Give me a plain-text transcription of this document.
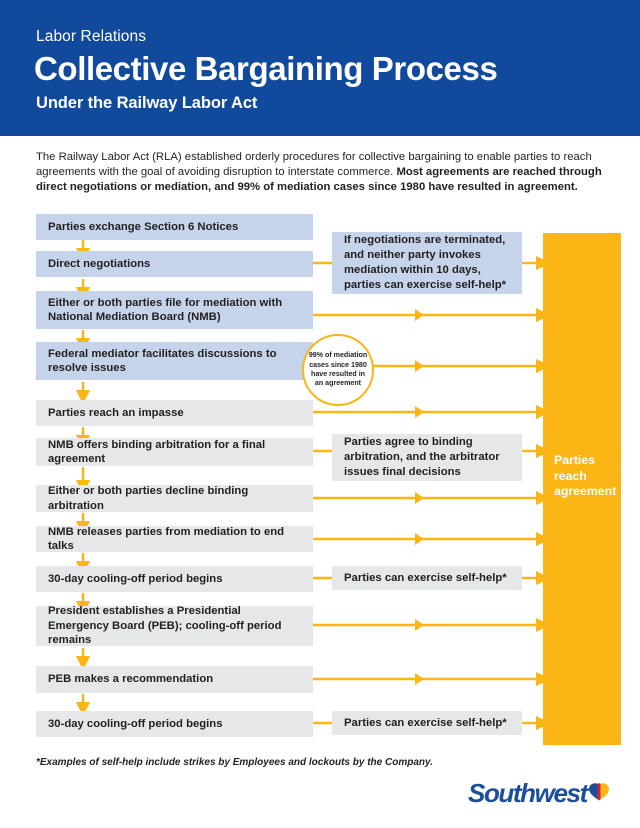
Labor Relations
Collective Bargaining Process
Under the Railway Labor Act
The Railway Labor Act (RLA) established orderly procedures for collective bargaining to enable parties to reach agreements with the goal of avoiding disruption to interstate commerce. Most agreements are reached through direct negotiations or mediation, and 99% of mediation cases since 1980 have resulted in agreement.
Parties exchange Section 6 Notices
Direct negotiations
Either or both parties file for mediation with National Mediation Board (NMB)
Federal mediator facilitates discussions to resolve issues
Parties reach an impasse
NMB offers binding arbitration for a final agreement
Either or both parties decline binding arbitration
NMB releases parties from mediation to end talks
30-day cooling-off period begins
President establishes a Presidential Emergency Board (PEB); cooling-off period remains
PEB makes a recommendation
30-day cooling-off period begins
If negotiations are terminated, and neither party invokes mediation within 10 days, parties can exercise self-help*
Parties agree to binding arbitration, and the arbitrator issues final decisions
Parties can exercise self-help*
Parties can exercise self-help*
99% of mediation cases since 1980 have resulted in an agreement
Parties reach agreement
*Examples of self-help include strikes by Employees and lockouts by the Company.
Southwest
